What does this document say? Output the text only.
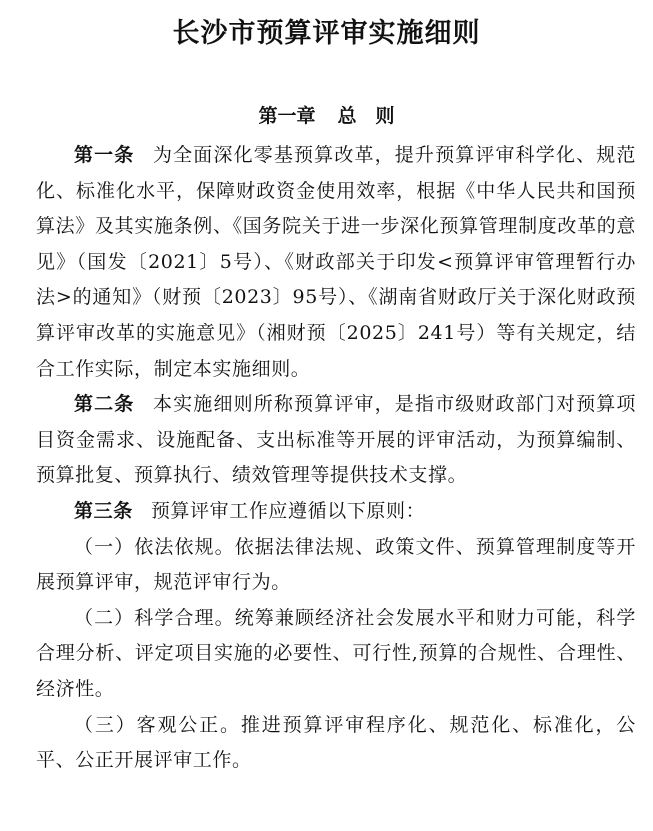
长沙市预算评审实施细则
第一章 总　则

第一条 为全面深化零基预算改革，提升预算评审科学化、规范化、标准化水平，保障财政资金使用效率，根据《中华人民共和国预算法》及其实施条例、《国务院关于进一步深化预算管理制度改革的意见》（国发〔2021〕5号）、《财政部关于印发<预算评审管理暂行办法>的通知》（财预〔2023〕95号）、《湖南省财政厅关于深化财政预算评审改革的实施意见》（湘财预〔2025〕241号）等有关规定，结合工作实际，制定本实施细则。

第二条 本实施细则所称预算评审，是指市级财政部门对预算项目资金需求、设施配备、支出标准等开展的评审活动，为预算编制、预算批复、预算执行、绩效管理等提供技术支撑。

第三条 预算评审工作应遵循以下原则：

（一）依法依规。依据法律法规、政策文件、预算管理制度等开展预算评审，规范评审行为。

（二）科学合理。统筹兼顾经济社会发展水平和财力可能，科学合理分析、评定项目实施的必要性、可行性,预算的合规性、合理性、经济性。

（三）客观公正。推进预算评审程序化、规范化、标准化，公平、公正开展评审工作。
